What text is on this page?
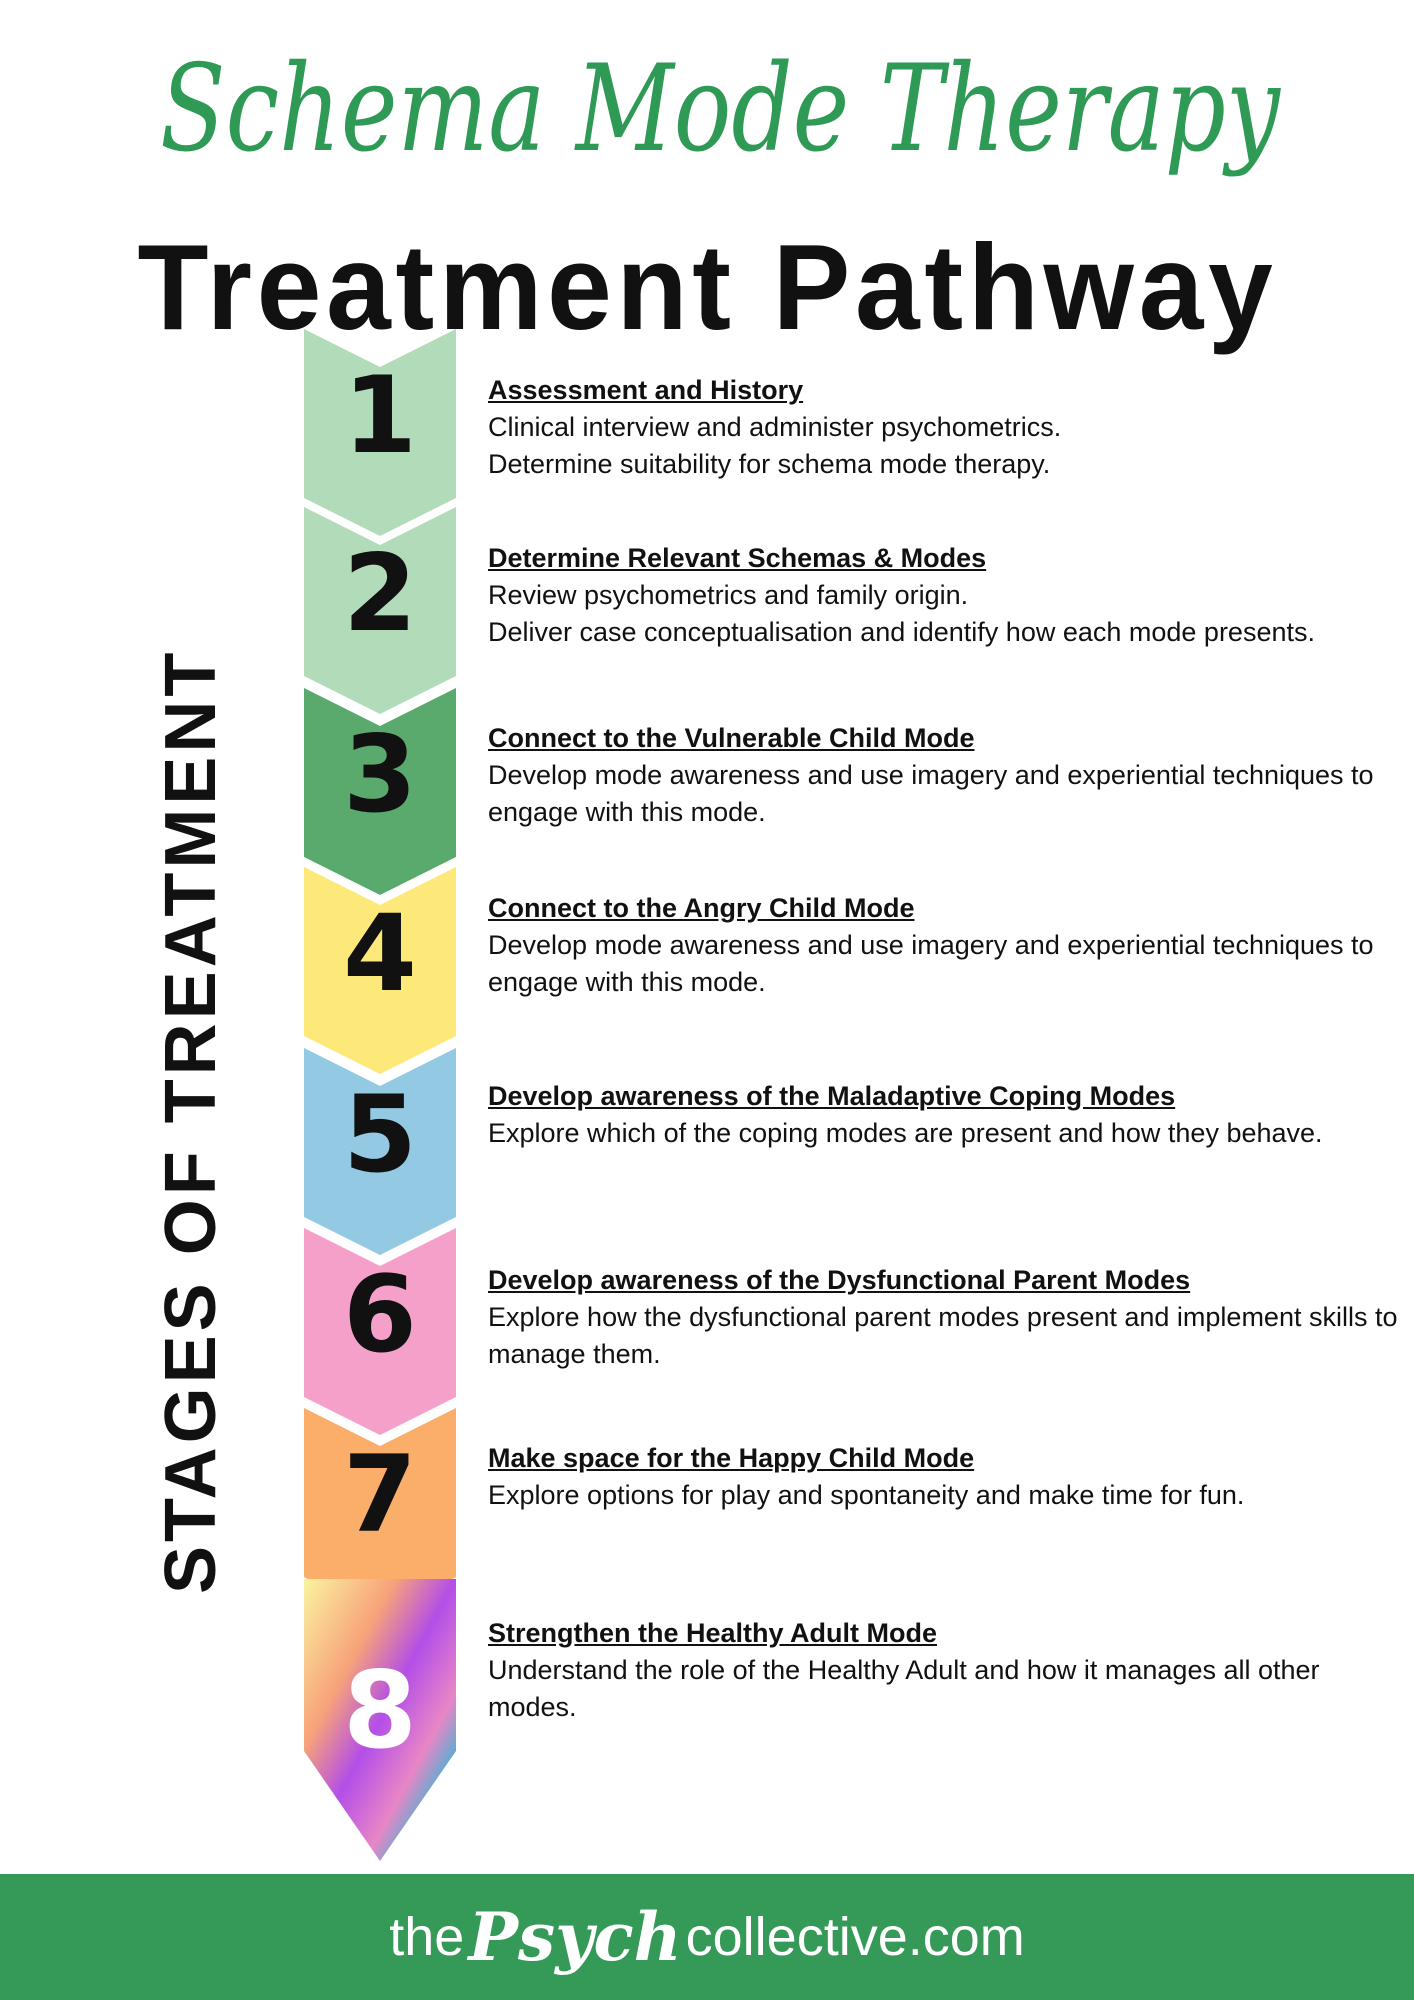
Schema Mode Therapy
Treatment Pathway
STAGES OF TREATMENT
1
2
3
4
5
6
7
8
Assessment and History
Clinical interview and administer psychometrics.
Determine suitability for schema mode therapy.
Determine Relevant Schemas & Modes
Review psychometrics and family origin.
Deliver case conceptualisation and identify how each mode presents.
Connect to the Vulnerable Child Mode
Develop mode awareness and use imagery and experiential techniques to engage with this mode.
Connect to the Angry Child Mode
Develop mode awareness and use imagery and experiential techniques to engage with this mode.
Develop awareness of the Maladaptive Coping Modes
Explore which of the coping modes are present and how they behave.
Develop awareness of the Dysfunctional Parent Modes
Explore how the dysfunctional parent modes present and implement skills to manage them.
Make space for the Happy Child Mode
Explore options for play and spontaneity and make time for fun.
Strengthen the Healthy Adult Mode
Understand the role of the Healthy Adult and how it manages all other modes.
the Psych collective.com
